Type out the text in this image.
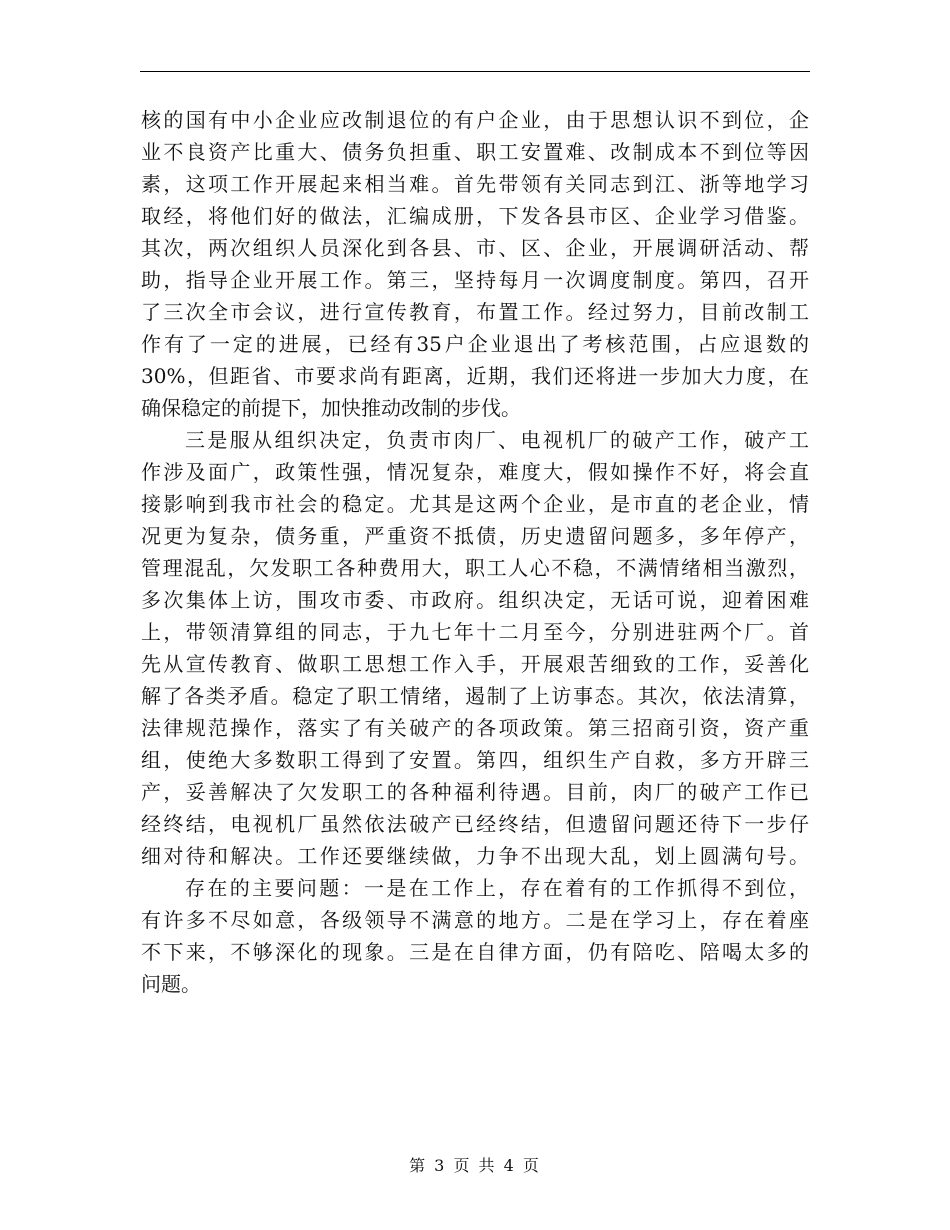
核的国有中小企业应改制退位的有户企业，由于思想认识不到位，企
业不良资产比重大、债务负担重、职工安置难、改制成本不到位等因
素，这项工作开展起来相当难。首先带领有关同志到江、浙等地学习
取经，将他们好的做法，汇编成册，下发各县市区、企业学习借鉴。
其次，两次组织人员深化到各县、市、区、企业，开展调研活动、帮
助，指导企业开展工作。第三，坚持每月一次调度制度。第四，召开
了三次全市会议，进行宣传教育，布置工作。经过努力，目前改制工
作有了一定的进展，已经有35户企业退出了考核范围，占应退数的
30%，但距省、市要求尚有距离，近期，我们还将进一步加大力度，在
确保稳定的前提下，加快推动改制的步伐。
三是服从组织决定，负责市肉厂、电视机厂的破产工作，破产工
作涉及面广，政策性强，情况复杂，难度大，假如操作不好，将会直
接影响到我市社会的稳定。尤其是这两个企业，是市直的老企业，情
况更为复杂，债务重，严重资不抵债，历史遗留问题多，多年停产，
管理混乱，欠发职工各种费用大，职工人心不稳，不满情绪相当激烈，
多次集体上访，围攻市委、市政府。组织决定，无话可说，迎着困难
上，带领清算组的同志，于九七年十二月至今，分别进驻两个厂。首
先从宣传教育、做职工思想工作入手，开展艰苦细致的工作，妥善化
解了各类矛盾。稳定了职工情绪，遏制了上访事态。其次，依法清算，
法律规范操作，落实了有关破产的各项政策。第三招商引资，资产重
组，使绝大多数职工得到了安置。第四，组织生产自救，多方开辟三
产，妥善解决了欠发职工的各种福利待遇。目前，肉厂的破产工作已
经终结，电视机厂虽然依法破产已经终结，但遗留问题还待下一步仔
细对待和解决。工作还要继续做，力争不出现大乱，划上圆满句号。
存在的主要问题：一是在工作上，存在着有的工作抓得不到位，
有许多不尽如意，各级领导不满意的地方。二是在学习上，存在着座
不下来，不够深化的现象。三是在自律方面，仍有陪吃、陪喝太多的
问题。
第 3 页 共 4 页
